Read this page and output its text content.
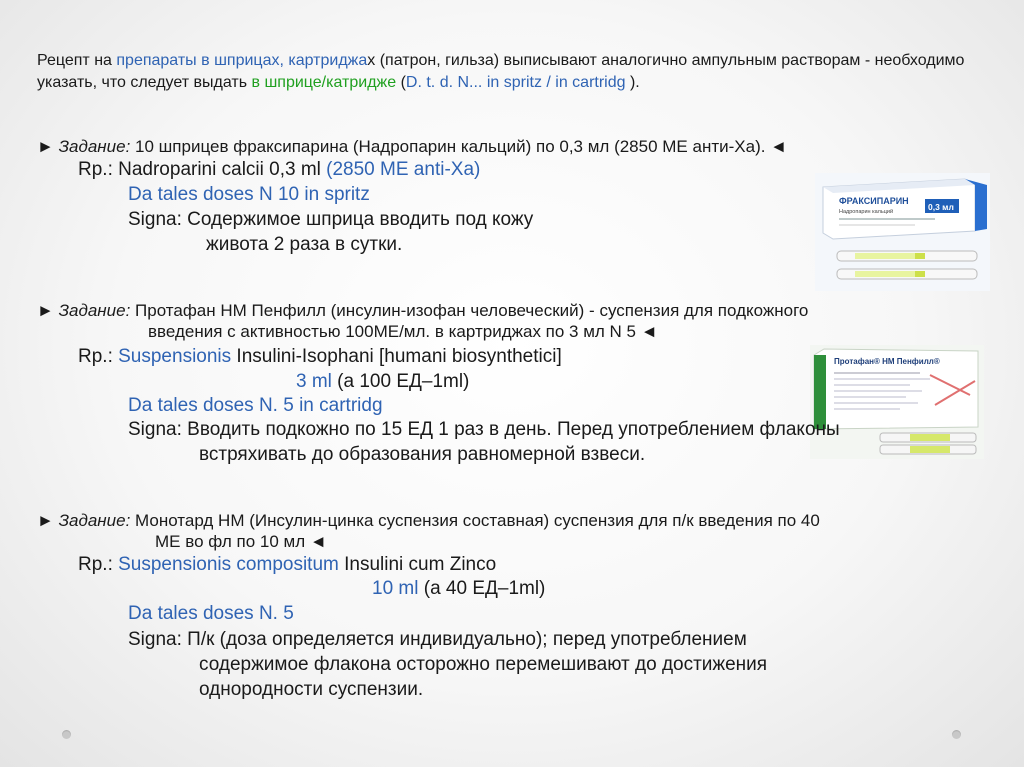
Рецепт на препараты в шприцах, картриджах (патрон, гильза) выписывают аналогично ампульным растворам - необходимо указать, что следует выдать в шприце/катридже (D. t. d. N... in spritz / in cartridg ).
► Задание: 10 шприцев фраксипарина (Надропарин кальций) по 0,3 мл (2850 МЕ анти-Ха). ◄
Rp.: Nadroparini calcii 0,3 ml (2850 ME anti-Xa)
Da tales doses N 10 in spritz
Signa: Содержимое шприца вводить под кожу
живота 2 раза в сутки.
ФРАКСИПАРИН
Надропарин кальций	0,3 мл
► Задание: Протафан НМ Пенфилл (инсулин-изофан человеческий) - суспензия для подкожного
введения с активностью 100МЕ/мл. в картриджах по 3 мл N 5 ◄
Rp.: Suspensionis Insulini-Isophani [humani biosynthetici]
3 ml (а 100 ЕД–1ml)
Da tales doses N. 5 in cartridg
Протафан® НМ Пенфилл®
Signa: Вводить подкожно по 15 ЕД 1 раз в день. Перед употреблением флаконы
встряхивать до образования равномерной взвеси.
► Задание: Монотард НМ (Инсулин-цинка суспензия составная) суспензия для п/к введения по 40
МЕ во фл по 10 мл ◄
Rp.: Suspensionis compositum Insulini cum Zinco
10 ml (а 40 ЕД–1ml)
Da tales doses N. 5
Signa: П/к (доза определяется индивидуально); перед употреблением
содержимое флакона осторожно перемешивают до достижения
однородности суспензии.
